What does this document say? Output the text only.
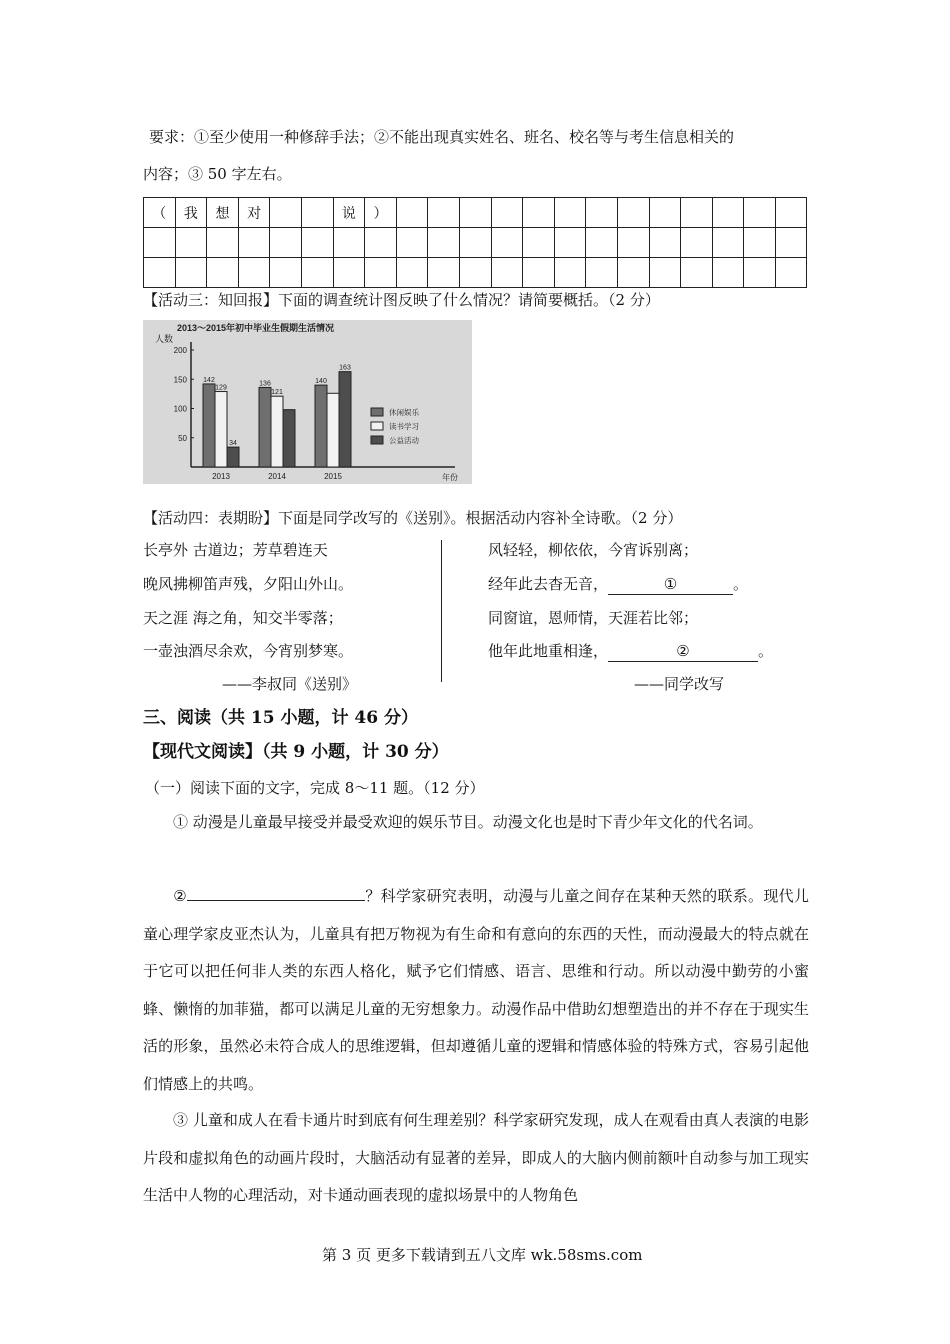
要求：①至少使用一种修辞手法；②不能出现真实姓名、班名、校名等与考生信息相关的
内容；③ 50 字左右。
（	我	想	对			说	）													

【活动三：知回报】下面的调查统计图反映了什么情况？请简要概括。（2 分）
2013～2015年初中毕业生假期生活情况
人数
年份
50
100
150
200
142
129
34
2013
136
121
2014
140
163
2015
休闲娱乐
读书学习
公益活动
【活动四：表期盼】下面是同学改写的《送别》。根据活动内容补全诗歌。（2 分）
长亭外 古道边；芳草碧连天
晚风拂柳笛声残，夕阳山外山。
天之涯 海之角，知交半零落；
一壶浊酒尽余欢，今宵别梦寒。
——李叔同《送别》
风轻轻，柳依依，今宵诉别离；
经年此去杳无音，	①	。
同窗谊，恩师情，天涯若比邻；
他年此地重相逢，	②	。
——同学改写
三、阅读（共 15 小题，计 46 分）
【现代文阅读】（共 9 小题，计 30 分）
（一）阅读下面的文字，完成 8～11 题。（12 分）
① 动漫是儿童最早接受并最受欢迎的娱乐节目。动漫文化也是时下青少年文化的代名词。
②	？科学家研究表明，动漫与儿童之间存在某种天然的联系。现代儿童心理学家皮亚杰认为，儿童具有把万物视为有生命和有意向的东西的天性，而动漫最大的特点就在于它可以把任何非人类的东西人格化，赋予它们情感、语言、思维和行动。所以动漫中勤劳的小蜜蜂、懒惰的加菲猫，都可以满足儿童的无穷想象力。动漫作品中借助幻想塑造出的并不存在于现实生活的形象，虽然必未符合成人的思维逻辑，但却遵循儿童的逻辑和情感体验的特殊方式，容易引起他们情感上的共鸣。
③ 儿童和成人在看卡通片时到底有何生理差别？科学家研究发现，成人在观看由真人表演的电影片段和虚拟角色的动画片段时，大脑活动有显著的差异，即成人的大脑内侧前额叶自动参与加工现实生活中人物的心理活动，对卡通动画表现的虚拟场景中的人物角色
第 3 页 更多下载请到五八文库 wk.58sms.com
